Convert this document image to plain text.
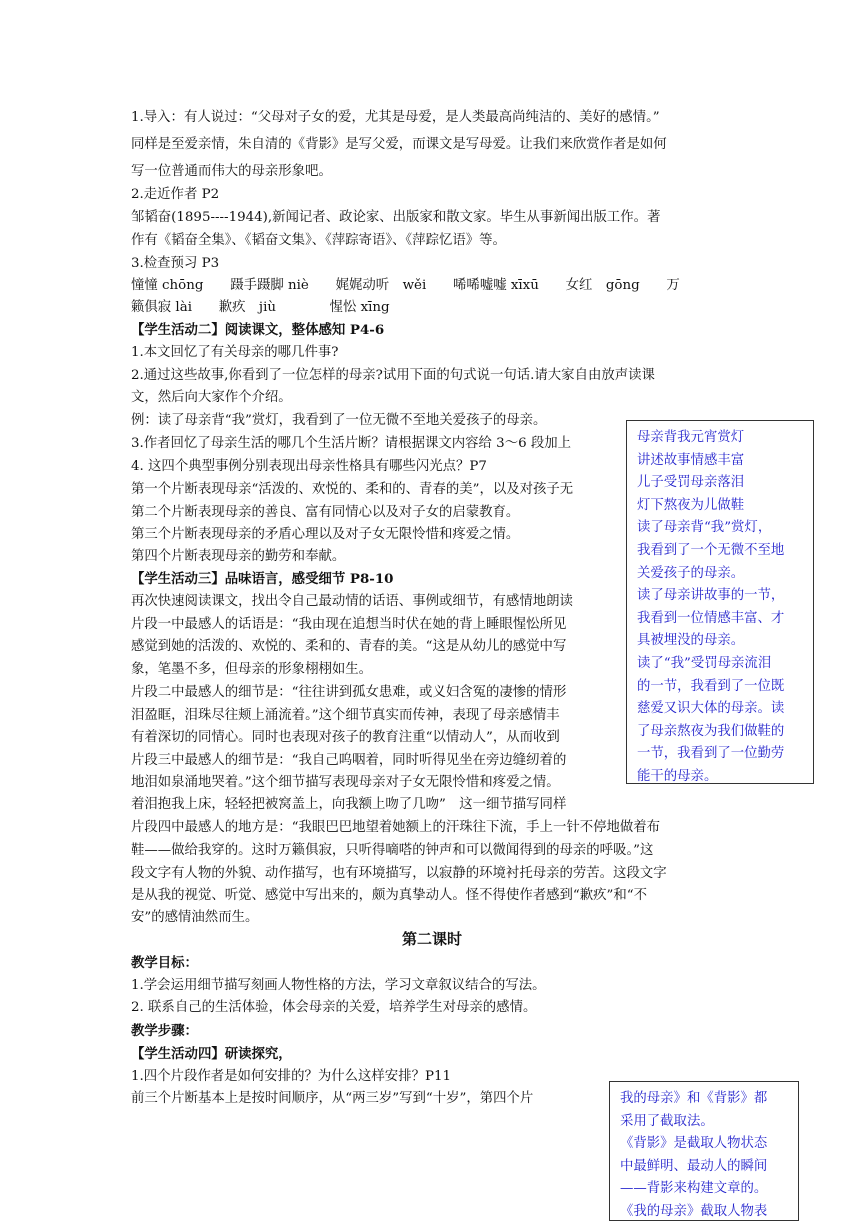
1.导入：有人说过：“父母对子女的爱，尤其是母爱，是人类最高尚纯洁的、美好的感情。”
同样是至爱亲情，朱自清的《背影》是写父爱，而课文是写母爱。让我们来欣赏作者是如何
写一位普通而伟大的母亲形象吧。
2.走近作者 P2
邹韬奋(1895----1944),新闻记者、政论家、出版家和散文家。毕生从事新闻出版工作。著
作有《韬奋全集》、《韬奋文集》、《萍踪寄语》、《萍踪忆语》等。
3.检查预习 P3
憧憧 chōng　　蹑手蹑脚 niè　　娓娓动听　wěi　　唏唏嘘嘘 xīxū　　女红　gōng　　万
籁俱寂 lài　　歉疚　jiù　　　　惺忪 xīng
【学生活动二】阅读课文，整体感知 P4-6
1.本文回忆了有关母亲的哪几件事?
2.通过这些故事,你看到了一位怎样的母亲?试用下面的句式说一句话.请大家自由放声读课
文，然后向大家作个介绍。
例：读了母亲背“我”赏灯，我看到了一位无微不至地关爱孩子的母亲。
3.作者回忆了母亲生活的哪几个生活片断？请根据课文内容给 3～6 段加上
4. 这四个典型事例分别表现出母亲性格具有哪些闪光点？P7
第一个片断表现母亲“活泼的、欢悦的、柔和的、青春的美”，以及对孩子无
第二个片断表现母亲的善良、富有同情心以及对子女的启蒙教育。
第三个片断表现母亲的矛盾心理以及对子女无限怜惜和疼爱之情。
第四个片断表现母亲的勤劳和奉献。
【学生活动三】品味语言，感受细节 P8-10
再次快速阅读课文，找出令自己最动情的话语、事例或细节，有感情地朗读
片段一中最感人的话语是：“我由现在追想当时伏在她的背上睡眼惺忪所见
感觉到她的活泼的、欢悦的、柔和的、青春的美。“这是从幼儿的感觉中写
象，笔墨不多，但母亲的形象栩栩如生。
片段二中最感人的细节是：“往往讲到孤女患难，或义妇含冤的凄惨的情形
泪盈眶，泪珠尽往颊上涌流着。”这个细节真实而传神，表现了母亲感情丰
有着深切的同情心。同时也表现对孩子的教育注重“以情动人”，从而收到
片段三中最感人的细节是：“我自己呜咽着，同时听得见坐在旁边缝纫着的
地泪如泉涌地哭着。”这个细节描写表现母亲对子女无限怜惜和疼爱之情。
着泪抱我上床，轻轻把被窝盖上，向我额上吻了几吻”　这一细节描写同样
片段四中最感人的地方是：“我眼巴巴地望着她额上的汗珠往下流，手上一针不停地做着布
鞋——做给我穿的。这时万籁俱寂，只听得嘀嗒的钟声和可以微闻得到的母亲的呼吸。”这
段文字有人物的外貌、动作描写，也有环境描写，以寂静的环境衬托母亲的劳苦。这段文字
是从我的视觉、听觉、感觉中写出来的，颇为真挚动人。怪不得使作者感到“歉疚”和“不
安”的感情油然而生。
第二课时
教学目标：
1.学会运用细节描写刻画人物性格的方法，学习文章叙议结合的写法。
2. 联系自己的生活体验，体会母亲的关爱，培养学生对母亲的感情。
教学步骤：
【学生活动四】研读探究，
1.四个片段作者是如何安排的？为什么这样安排？P11
前三个片断基本上是按时间顺序，从“两三岁”写到“十岁”，第四个片
母亲背我元宵赏灯
讲述故事情感丰富
儿子受罚母亲落泪
灯下熬夜为儿做鞋
读了母亲背“我”赏灯，
我看到了一个无微不至地
关爱孩子的母亲。
读了母亲讲故事的一节，
我看到一位情感丰富、才
具被埋没的母亲。
读了“我”受罚母亲流泪
的一节，我看到了一位既
慈爱又识大体的母亲。读
了母亲熬夜为我们做鞋的
一节，我看到了一位勤劳
能干的母亲。
我的母亲》和《背影》都
采用了截取法。
《背影》是截取人物状态
中最鲜明、最动人的瞬间
——背影来构建文章的。
《我的母亲》截取人物表
